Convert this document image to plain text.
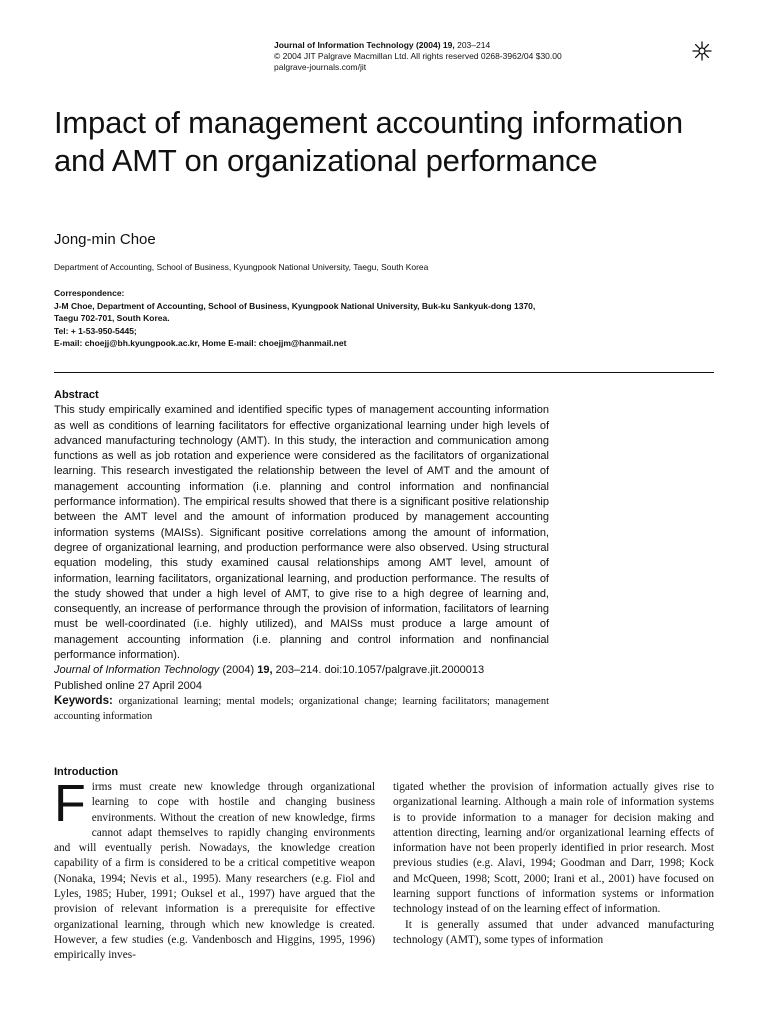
Journal of Information Technology (2004) 19, 203–214
© 2004 JIT Palgrave Macmillan Ltd. All rights reserved 0268-3962/04 $30.00
palgrave-journals.com/jit
Impact of management accounting information and AMT on organizational performance
Jong-min Choe
Department of Accounting, School of Business, Kyungpook National University, Taegu, South Korea
Correspondence:
J-M Choe, Department of Accounting, School of Business, Kyungpook National University, Buk-ku Sankyuk-dong 1370,
Taegu 702-701, South Korea.
Tel: + 1-53-950-5445;
E-mail: choejj@bh.kyungpook.ac.kr, Home E-mail: choejjm@hanmail.net
Abstract
This study empirically examined and identified specific types of management accounting information as well as conditions of learning facilitators for effective organizational learning under high levels of advanced manufacturing technology (AMT). In this study, the interaction and communication among functions as well as job rotation and experience were considered as the facilitators of organizational learning. This research investigated the relationship between the level of AMT and the amount of management accounting information (i.e. planning and control information and nonfinancial performance information). The empirical results showed that there is a significant positive relationship between the AMT level and the amount of information produced by management accounting information systems (MAISs). Significant positive correlations among the amount of information, degree of organizational learning, and production performance were also observed. Using structural equation modeling, this study examined causal relationships among AMT level, amount of information, learning facilitators, organizational learning, and production performance. The results of the study showed that under a high level of AMT, to give rise to a high degree of learning and, consequently, an increase of performance through the provision of information, facilitators of learning must be well-coordinated (i.e. highly utilized), and MAISs must produce a large amount of management accounting information (i.e. planning and control information and nonfinancial performance information).
Journal of Information Technology (2004) 19, 203–214. doi:10.1057/palgrave.jit.2000013
Published online 27 April 2004
Keywords: organizational learning; mental models; organizational change; learning facilitators; management accounting information
Introduction
Firms must create new knowledge through organizational learning to cope with hostile and changing business environments. Without the creation of new knowledge, firms cannot adapt themselves to rapidly changing environments and will eventually perish. Nowadays, the knowledge creation capability of a firm is considered to be a critical competitive weapon (Nonaka, 1994; Nevis et al., 1995). Many researchers (e.g. Fiol and Lyles, 1985; Huber, 1991; Ouksel et al., 1997) have argued that the provision of relevant information is a prerequisite for effective organizational learning, through which new knowledge is created. However, a few studies (e.g. Vandenbosch and Higgins, 1995, 1996) empirically inves-
tigated whether the provision of information actually gives rise to organizational learning. Although a main role of information systems is to provide information to a manager for decision making and attention directing, learning and/or organizational learning effects of information have not been properly identified in prior research. Most previous studies (e.g. Alavi, 1994; Goodman and Darr, 1998; Kock and McQueen, 1998; Scott, 2000; Irani et al., 2001) have focused on learning support functions of information systems or information technology instead of on the learning effect of information.
It is generally assumed that under advanced manufacturing technology (AMT), some types of information
